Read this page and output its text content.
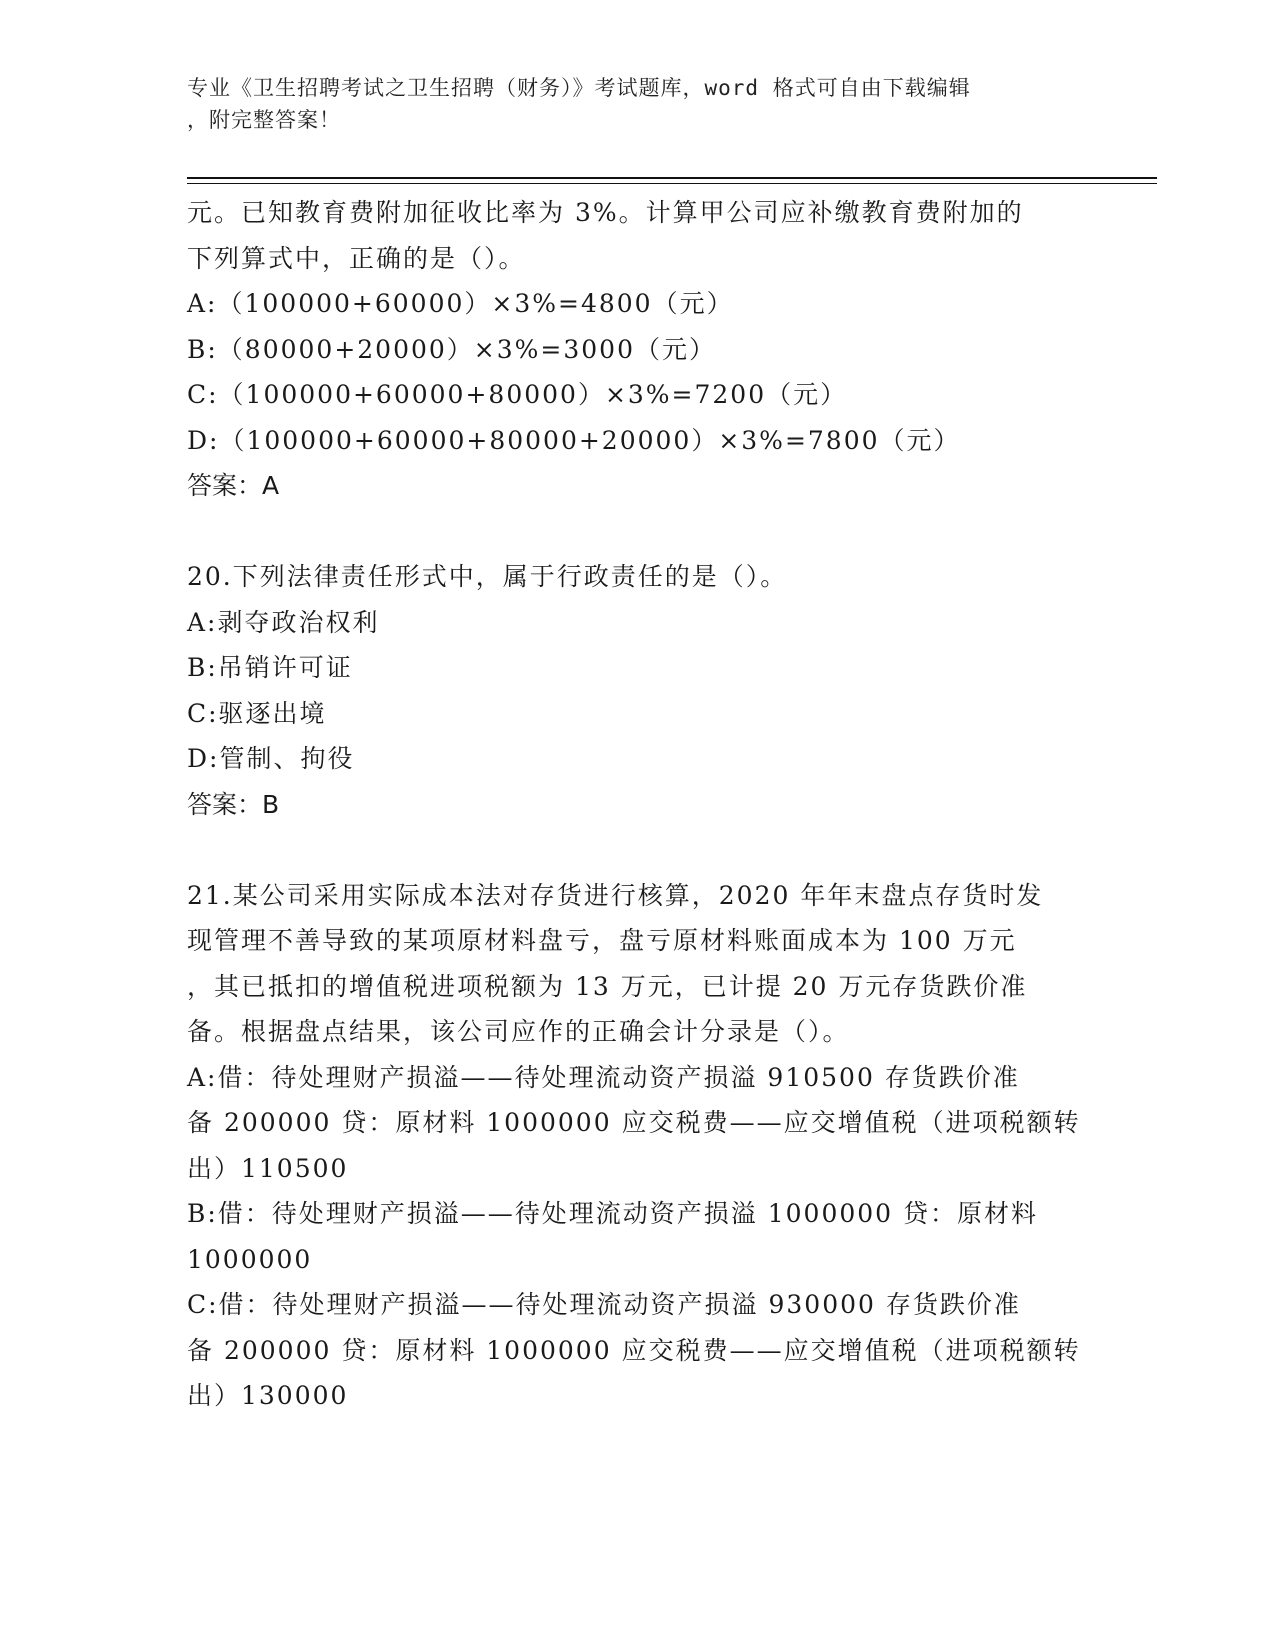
专业《卫生招聘考试之卫生招聘（财务）》考试题库，word 格式可自由下载编辑
，附完整答案！
元。已知教育费附加征收比率为 3%。计算甲公司应补缴教育费附加的
下列算式中，正确的是（）。
A:（100000+60000）×3%=4800（元）
B:（80000+20000）×3%=3000（元）
C:（100000+60000+80000）×3%=7200（元）
D:（100000+60000+80000+20000）×3%=7800（元）
答案：A
20.下列法律责任形式中，属于行政责任的是（）。
A:剥夺政治权利
B:吊销许可证
C:驱逐出境
D:管制、拘役
答案：B
21.某公司采用实际成本法对存货进行核算，2020 年年末盘点存货时发
现管理不善导致的某项原材料盘亏，盘亏原材料账面成本为 100 万元
，其已抵扣的增值税进项税额为 13 万元，已计提 20 万元存货跌价准
备。根据盘点结果，该公司应作的正确会计分录是（）。
A:借：待处理财产损溢——待处理流动资产损溢 910500 存货跌价准
备 200000 贷：原材料 1000000 应交税费——应交增值税（进项税额转
出）110500
B:借：待处理财产损溢——待处理流动资产损溢 1000000 贷：原材料
1000000
C:借：待处理财产损溢——待处理流动资产损溢 930000 存货跌价准
备 200000 贷：原材料 1000000 应交税费——应交增值税（进项税额转
出）130000
